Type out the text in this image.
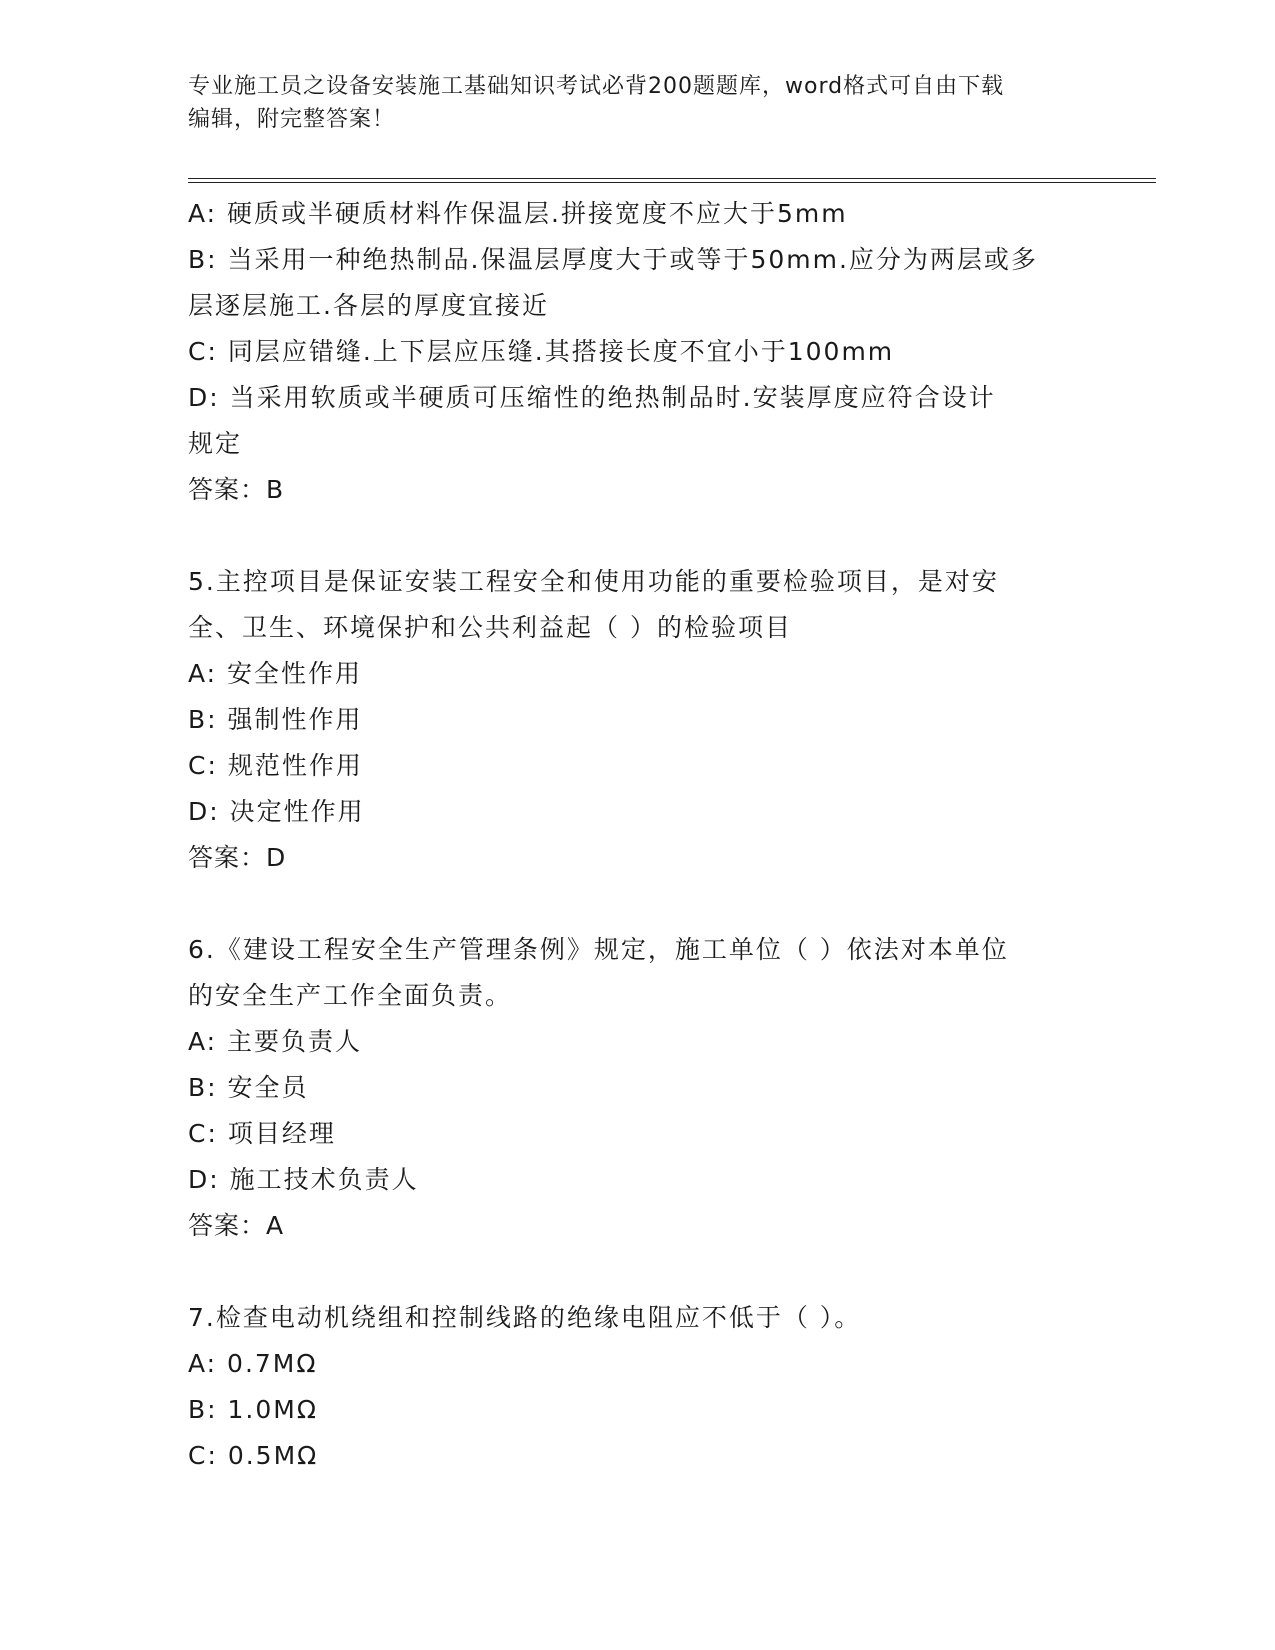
专业施工员之设备安装施工基础知识考试必背200题题库，word格式可自由下载
编辑，附完整答案！
A: 硬质或半硬质材料作保温层.拼接宽度不应大于5mm
B: 当采用一种绝热制品.保温层厚度大于或等于50mm.应分为两层或多
层逐层施工.各层的厚度宜接近
C: 同层应错缝.上下层应压缝.其搭接长度不宜小于100mm
D: 当采用软质或半硬质可压缩性的绝热制品时.安装厚度应符合设计
规定
答案：B
5.主控项目是保证安装工程安全和使用功能的重要检验项目，是对安
全、卫生、环境保护和公共利益起（ ）的检验项目
A: 安全性作用
B: 强制性作用
C: 规范性作用
D: 决定性作用
答案：D
6.《建设工程安全生产管理条例》规定，施工单位（ ）依法对本单位
的安全生产工作全面负责。
A: 主要负责人
B: 安全员
C: 项目经理
D: 施工技术负责人
答案：A
7.检查电动机绕组和控制线路的绝缘电阻应不低于（ ）。
A: 0.7MΩ
B: 1.0MΩ
C: 0.5MΩ
